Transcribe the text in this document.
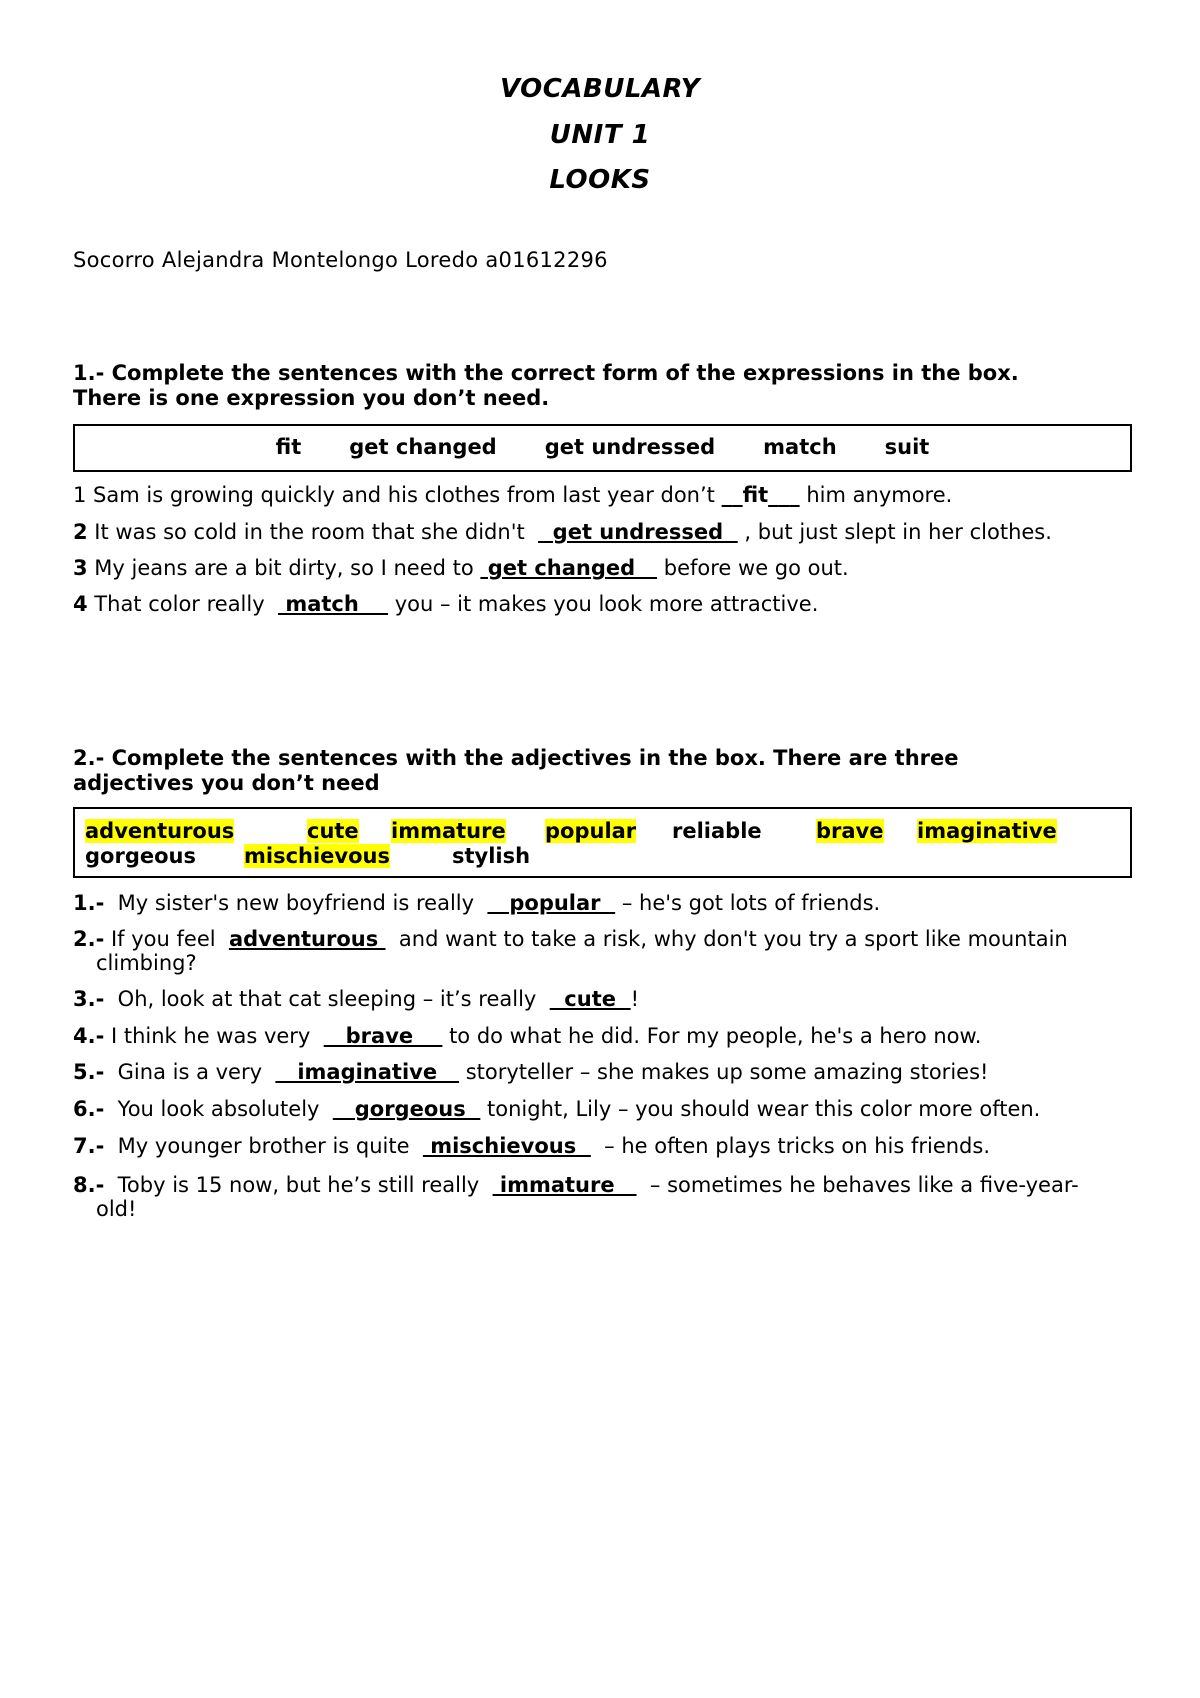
VOCABULARY
UNIT 1
LOOKS
Socorro Alejandra Montelongo Loredo a01612296
1.- Complete the sentences with the correct form of the expressions in the box.
There is one expression you don’t need.
fit get changed get undressed match suit
1 Sam is growing quickly and his clothes from last year don’t __fit___ him anymore.
2 It was so cold in the room that she didn't    get undressed   , but just slept in her clothes.
3 My jeans are a bit dirty, so I need to  get changed    before we go out.
4 That color really   match     you – it makes you look more attractive.
2.- Complete the sentences with the adjectives in the box. There are three
adjectives you don’t need
adventurous	cute immature popular reliable	brave imaginative
gorgeous mischievous	stylish
1.-  My sister's new boyfriend is really     popular   – he's got lots of friends.
2.- If you feel  adventurous   and want to take a risk, why don't you try a sport like mountain
climbing?
3.-  Oh, look at that cat sleeping – it’s really    cute  !
4.- I think he was very     brave     to do what he did. For my people, he's a hero now.
5.-  Gina is a very     imaginative    storyteller – she makes up some amazing stories!
6.-  You look absolutely     gorgeous   tonight, Lily – you should wear this color more often.
7.-  My younger brother is quite   mischievous    – he often plays tricks on his friends.
8.-  Toby is 15 now, but he’s still really   immature     – sometimes he behaves like a five-year-
old!
